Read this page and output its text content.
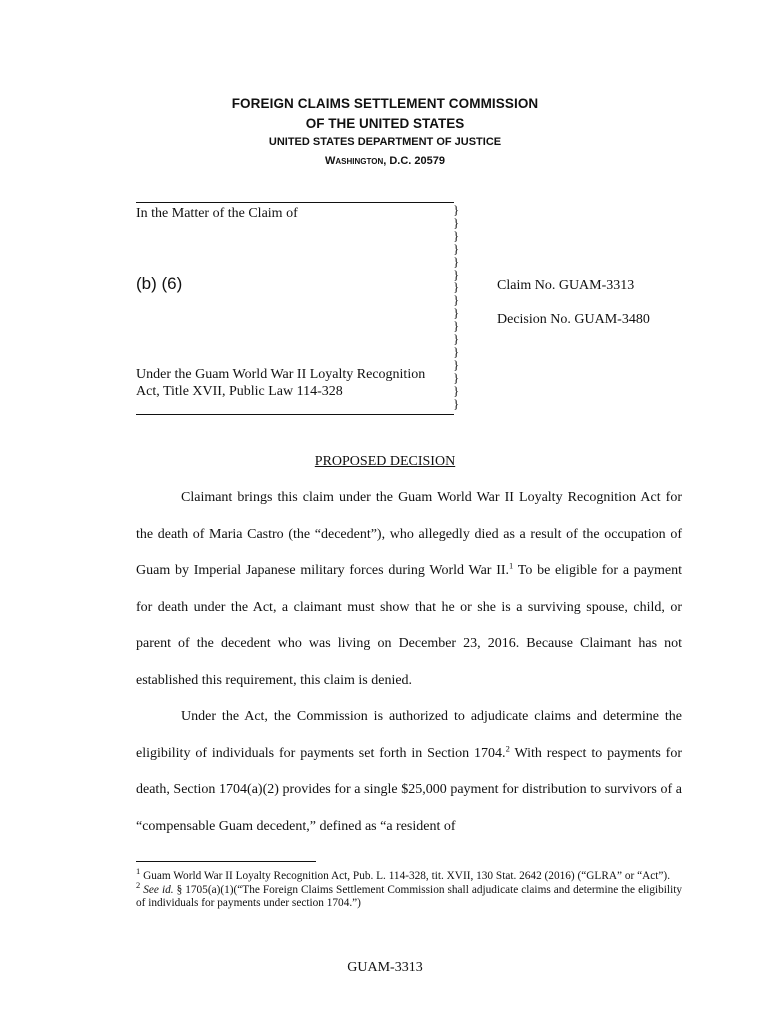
FOREIGN CLAIMS SETTLEMENT COMMISSION
OF THE UNITED STATES
UNITED STATES DEPARTMENT OF JUSTICE
Washington, D.C. 20579
In the Matter of the Claim of	}
}
}
}
}
}
}
}
}
}
}
}
}
}
}
}
(b) (6)	Claim No. GUAM-3313
Decision No. GUAM-3480
Under the Guam World War II Loyalty Recognition
Act, Title XVII, Public Law 114-328
PROPOSED DECISION

Claimant brings this claim under the Guam World War II Loyalty Recognition Act for the death of Maria Castro (the “decedent”), who allegedly died as a result of the occupation of Guam by Imperial Japanese military forces during World War II.$^1$ To be eligible for a payment for death under the Act, a claimant must show that he or she is a surviving spouse, child, or parent of the decedent who was living on December 23, 2016. Because Claimant has not established this requirement, this claim is denied.

Under the Act, the Commission is authorized to adjudicate claims and determine the eligibility of individuals for payments set forth in Section 1704.$^2$ With respect to payments for death, Section 1704(a)(2) provides for a single $25,000 payment for distribution to survivors of a “compensable Guam decedent,” defined as “a resident of

$^1$ Guam World War II Loyalty Recognition Act, Pub. L. 114-328, tit. XVII, 130 Stat. 2642 (2016) (“GLRA” or “Act”).

$^2$ See id. § 1705(a)(1)(“The Foreign Claims Settlement Commission shall adjudicate claims and determine the eligibility of individuals for payments under section 1704.”)

GUAM-3313
